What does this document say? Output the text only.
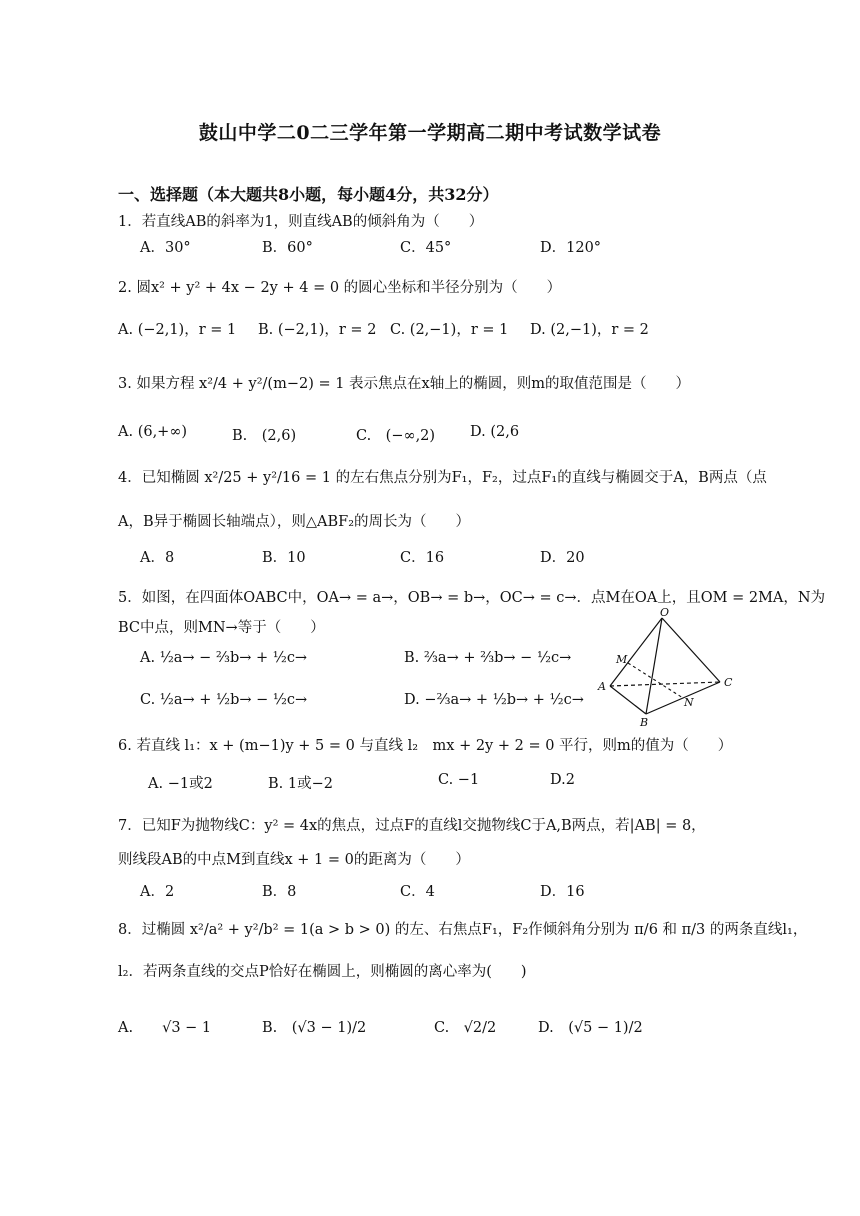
鼓山中学二0二三学年第一学期高二期中考试数学试卷
一、选择题（本大题共8小题，每小题4分，共32分）
1．若直线AB的斜率为1，则直线AB的倾斜角为（　　）
A．30°	B．60°	C．45°	D．120°
2. 圆x² + y² + 4x − 2y + 4 = 0 的圆心坐标和半径分别为（　　）
A. (−2,1)，r = 1 B. (−2,1)，r = 2 C. (2,−1)，r = 1 D. (2,−1)，r = 2
3. 如果方程 x²/4 + y²/(m−2) = 1 表示焦点在x轴上的椭圆，则m的取值范围是（　　）
A. (6,+∞)	B.　(2,6)	C.　(−∞,2) D. (2,6
4．已知椭圆 x²/25 + y²/16 = 1 的左右焦点分别为F₁，F₂，过点F₁的直线与椭圆交于A，B两点（点
A，B异于椭圆长轴端点），则△ABF₂的周长为（　　）
A．8	B．10	C．16	D．20
5．如图，在四面体OABC中，OA→ = a→，OB→ = b→，OC→ = c→．点M在OA上，且OM = 2MA，N为
BC中点，则MN→等于（　　）
A. ½a→ − ⅔b→ + ½c→	B. ⅔a→ + ⅔b→ − ½c→
C. ½a→ + ½b→ − ½c→	D. −⅔a→ + ½b→ + ½c→
O
M
A	C
N
B
6. 若直线 l₁：x + (m−1)y + 5 = 0 与直线 l₂　mx + 2y + 2 = 0 平行，则m的值为（　　）
A. −1或2	B. 1或−2	C. −1	D.2
7．已知F为抛物线C：y² = 4x的焦点，过点F的直线l交抛物线C于A,B两点，若|AB| = 8，
则线段AB的中点M到直线x + 1 = 0的距离为（　　）
A．2	B．8	C．4	D．16
8．过椭圆 x²/a² + y²/b² = 1(a > b > 0) 的左、右焦点F₁，F₂作倾斜角分别为 π/6 和 π/3 的两条直线l₁，
l₂．若两条直线的交点P恰好在椭圆上，则椭圆的离心率为(　　)
A.　　√3 − 1	B.　(√3 − 1)/2	C.　√2/2	D.　(√5 − 1)/2
